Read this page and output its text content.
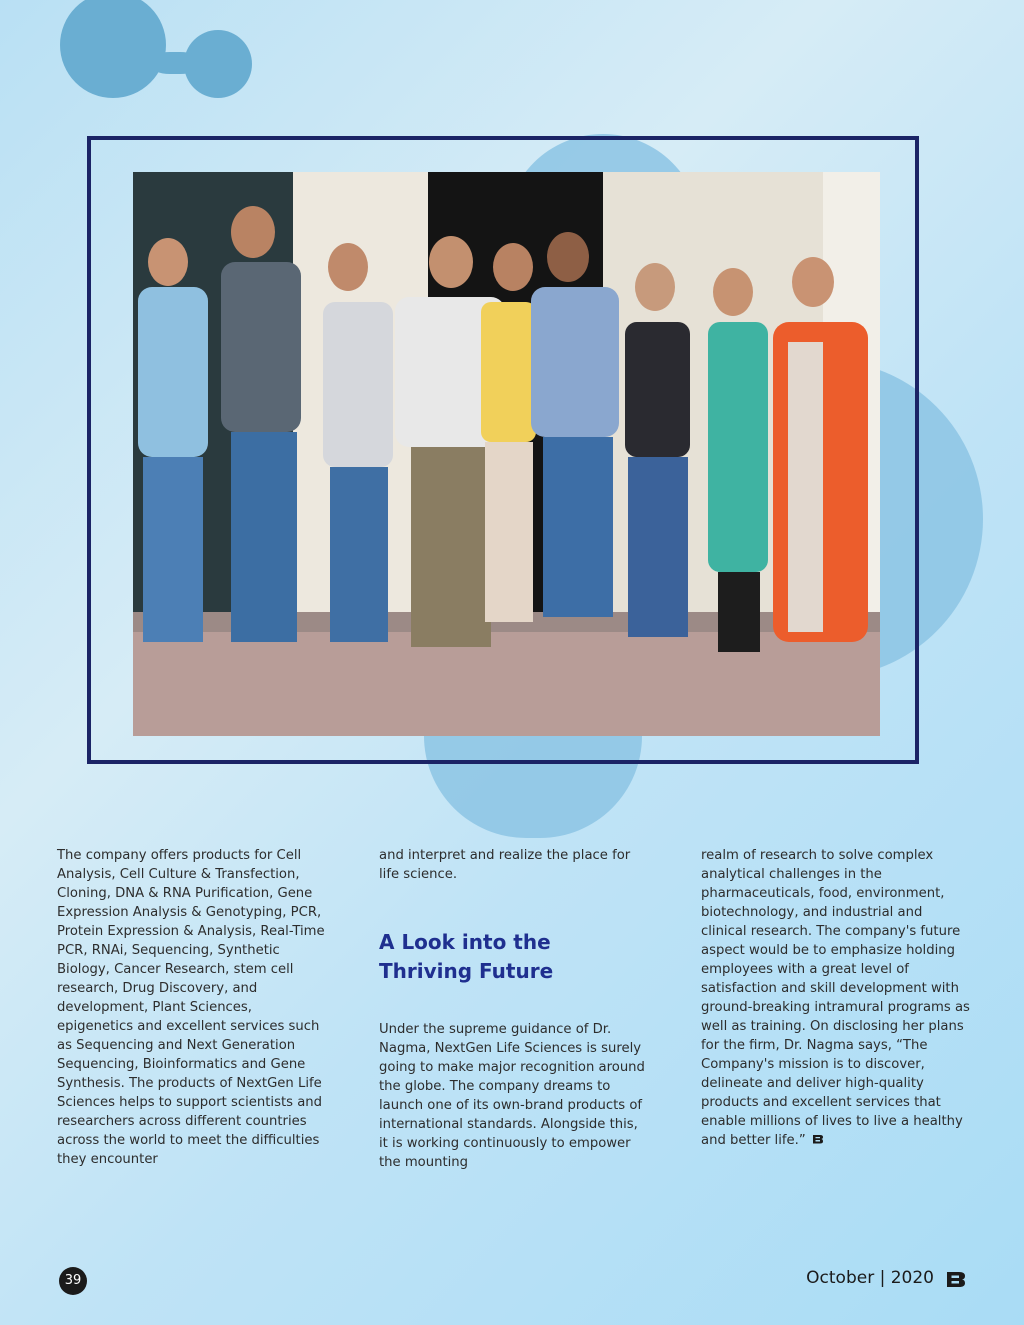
The company offers products for Cell Analysis, Cell Culture & Transfection, Cloning, DNA & RNA Purification, Gene Expression Analysis & Genotyping, PCR, Protein Expression & Analysis, Real-Time PCR, RNAi, Sequencing, Synthetic Biology, Cancer Research, stem cell research, Drug Discovery, and development, Plant Sciences, epigenetics and excellent services such as Sequencing and Next Generation Sequencing, Bioinformatics and Gene Synthesis. The products of NextGen Life Sciences helps to support scientists and researchers across different countries across the world to meet the difficulties they encounter

and interpret and realize the place for life science.

A Look into the Thriving Future

Under the supreme guidance of Dr. Nagma, NextGen Life Sciences is surely going to make major recognition around the globe. The company dreams to launch one of its own-brand products of international standards. Alongside this, it is working continuously to empower the mounting

realm of research to solve complex analytical challenges in the pharmaceuticals, food, environment, biotechnology, and industrial and clinical research. The company's future aspect would be to emphasize holding employees with a great level of satisfaction and skill development with ground-breaking intramural programs as well as training. On disclosing her plans for the firm, Dr. Nagma says, “The Company's mission is to discover, delineate and deliver high-quality products and excellent services that enable millions of lives to live a healthy and better life.”

39	October | 2020
